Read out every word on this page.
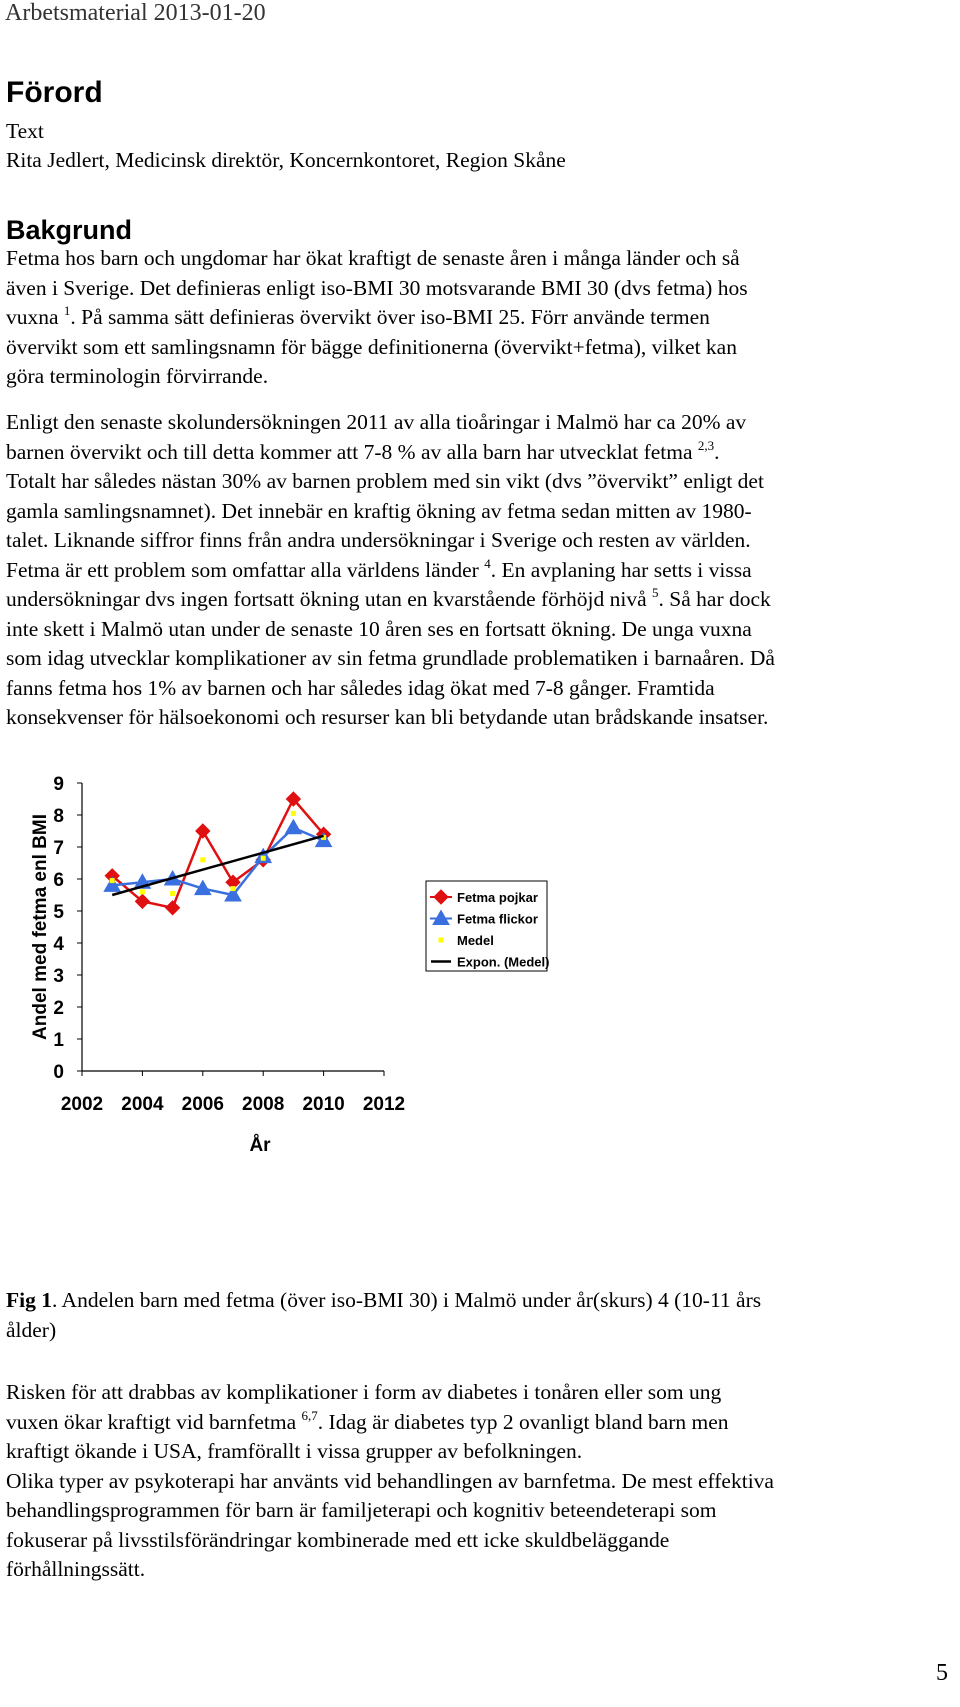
Arbetsmaterial 2013-01-20
Förord
Text
Rita Jedlert, Medicinsk direktör, Koncernkontoret, Region Skåne
Bakgrund
Fetma hos barn och ungdomar har ökat kraftigt de senaste åren i många länder och så
även i Sverige. Det definieras enligt iso-BMI 30 motsvarande BMI 30 (dvs fetma) hos
vuxna $^1$. På samma sätt definieras övervikt över iso-BMI 25. Förr använde termen
övervikt som ett samlingsnamn för bägge definitionerna (övervikt+fetma), vilket kan
göra terminologin förvirrande.
Enligt den senaste skolundersökningen 2011 av alla tioåringar i Malmö har ca 20% av
barnen övervikt och till detta kommer att 7-8 % av alla barn har utvecklat fetma $^{2,3}$.
Totalt har således nästan 30% av barnen problem med sin vikt (dvs ”övervikt” enligt det
gamla samlingsnamnet). Det innebär en kraftig ökning av fetma sedan mitten av 1980-
talet. Liknande siffror finns från andra undersökningar i Sverige och resten av världen.
Fetma är ett problem som omfattar alla världens länder $^4$. En avplaning har setts i vissa
undersökningar dvs ingen fortsatt ökning utan en kvarstående förhöjd nivå $^5$. Så har dock
inte skett i Malmö utan under de senaste 10 åren ses en fortsatt ökning. De unga vuxna
som idag utvecklar komplikationer av sin fetma grundlade problematiken i barnaåren. Då
fanns fetma hos 1% av barnen och har således idag ökat med 7-8 gånger. Framtida
konsekvenser för hälsoekonomi och resurser kan bli betydande utan brådskande insatser.
0
1
2
3
4
5
6
7
8
9
2002 2004 2006 2008 2010 2012
Andel med fetma enl BMI
År
Fetma pojkar
Fetma flickor
Medel
Expon. (Medel)
Fig 1. Andelen barn med fetma (över iso-BMI 30) i Malmö under år(skurs) 4 (10-11 års
ålder)
Risken för att drabbas av komplikationer i form av diabetes i tonåren eller som ung
vuxen ökar kraftigt vid barnfetma $^{6,7}$. Idag är diabetes typ 2 ovanligt bland barn men
kraftigt ökande i USA, framförallt i vissa grupper av befolkningen.
Olika typer av psykoterapi har använts vid behandlingen av barnfetma. De mest effektiva
behandlingsprogrammen för barn är familjeterapi och kognitiv beteendeterapi som
fokuserar på livsstilsförändringar kombinerade med ett icke skuldbeläggande
förhållningssätt.
5
